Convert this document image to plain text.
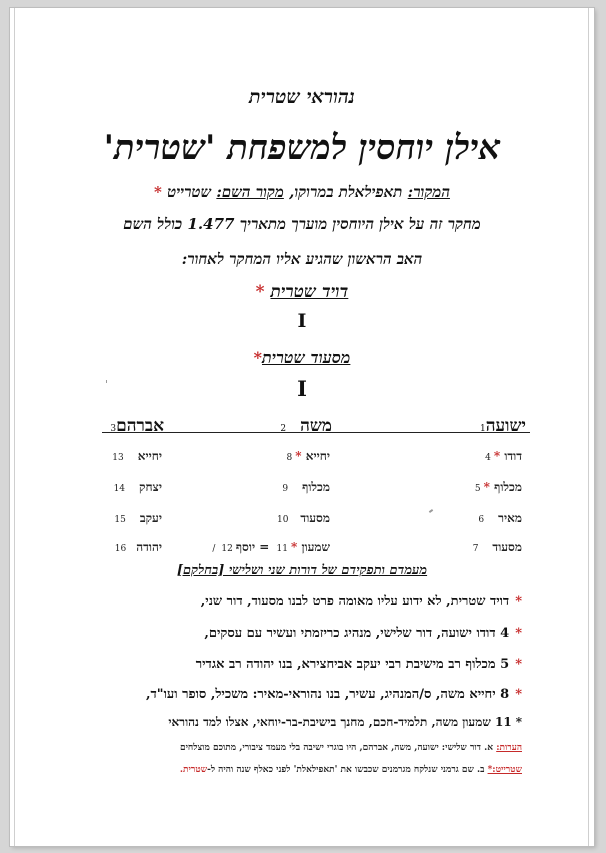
נהוראי שטרית
אילן יוחסין למשפחת 'שטרית'
המקור: תאפילאלת במרוקו, מקור השם: שטרייט *
מחקר זה על אילן היוחסין מוערך מתאריך 1.477 כולל השם
האב הראשון שהגיע אליו המחקר לאחור:
דויד שטרית *
I
מסעוד שטרית*
I
ישועה1
משה2
אברהם3
דודו *4
מכלוף *5
מאיר6
מסעוד7
יחייא *8
מכלוף9
מסעוד10
שמעון *11 = יוסף12/
יחייא13
יצחק14
יעקב15
יהודה16
מעמדם ותפקידם של דורות שני ושלישי [בחלקם]
*דויד שטרית, לא ידוע עליו מאומה פרט לבנו מסעוד, דור שני,
*4 דודו ישועה, דור שלישי, מנהיג כריזמתי ועשיר עם עסקים,
*5 מכלוף רב מישיבת רבי יעקב אביחצירא, בנו יהודה רב אגדיר
*8 יחייא משה, ס/המנהיג, עשיר, בנו נהוראי-מאיר: משכיל, סופר ועו"ד,
*11 שמעון משה, תלמיד-חכם, מחנך בישיבת-בר-יוחאי, אצלו למד נהוראי
הערות: א. דור שלישי: ישועה, משה, אברהם, היו בוגרי ישיבה בלי מעמד ציבורי, מתוכם מוצלחים
שטרייט:* ב. שם גרמני שנלקח מגרמנים שכבשו את 'תאפילאלת' לפני כאלף שנה והיה ל-שטרית.
